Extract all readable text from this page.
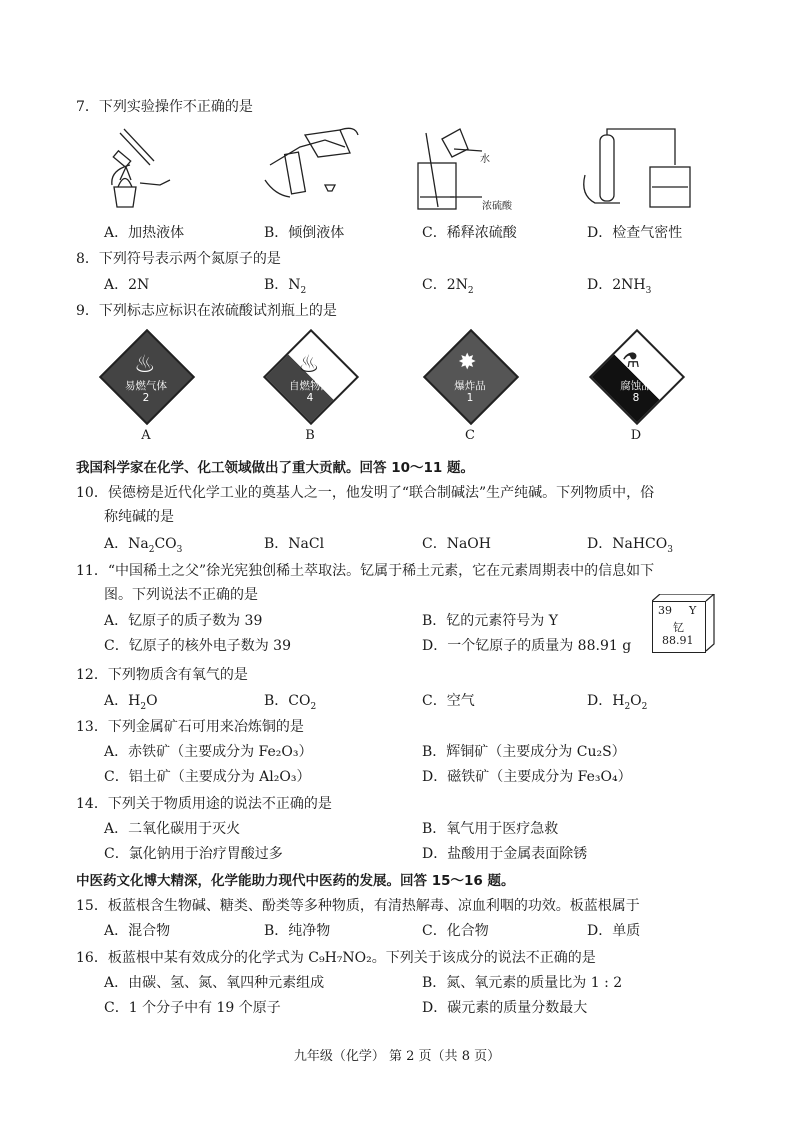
7．下列实验操作不正确的是
水
浓硫酸
A．加热液体	B．倾倒液体	C．稀释浓硫酸	D．检查气密性
8．下列符号表示两个氮原子的是
A．2N	B．$N_2$	C．$2N_2$	D．$2NH_3$
9．下列标志应标识在浓硫酸试剂瓶上的是
♨
易燃气体
2
♨
自燃物品
4
✸
爆炸品
1
⚗
腐蚀品
8
A	B	C	D
我国科学家在化学、化工领域做出了重大贡献。回答 10～11 题。
10．侯德榜是近代化学工业的奠基人之一，他发明了“联合制碱法”生产纯碱。下列物质中，俗
称纯碱的是
A．$Na_2CO_3$	B．NaCl	C．NaOH	D．NaHCO$_3$
11．“中国稀土之父”徐光宪独创稀土萃取法。钇属于稀土元素，它在元素周期表中的信息如下
图。下列说法不正确的是
A．钇原子的质子数为 39	B．钇的元素符号为 Y
C．钇原子的核外电子数为 39	D．一个钇原子的质量为 88.91 g
39 Y
钇
88.91
12．下列物质含有氧气的是
A．$H_2O$	B．$CO_2$	C．空气	D．$H_2O_2$
13．下列金属矿石可用来冶炼铜的是
A．赤铁矿（主要成分为 Fe₂O₃）	B．辉铜矿（主要成分为 Cu₂S）
C．铝土矿（主要成分为 Al₂O₃）	D．磁铁矿（主要成分为 Fe₃O₄）
14．下列关于物质用途的说法不正确的是
A．二氧化碳用于灭火	B．氧气用于医疗急救
C．氯化钠用于治疗胃酸过多	D．盐酸用于金属表面除锈
中医药文化博大精深，化学能助力现代中医药的发展。回答 15～16 题。
15．板蓝根含生物碱、糖类、酚类等多种物质，有清热解毒、凉血利咽的功效。板蓝根属于
A．混合物	B．纯净物	C．化合物	D．单质
16．板蓝根中某有效成分的化学式为 C₉H₇NO₂。下列关于该成分的说法不正确的是
A．由碳、氢、氮、氧四种元素组成	B．氮、氧元素的质量比为 1 : 2
C．1 个分子中有 19 个原子	D．碳元素的质量分数最大
九年级（化学） 第 2 页（共 8 页）
